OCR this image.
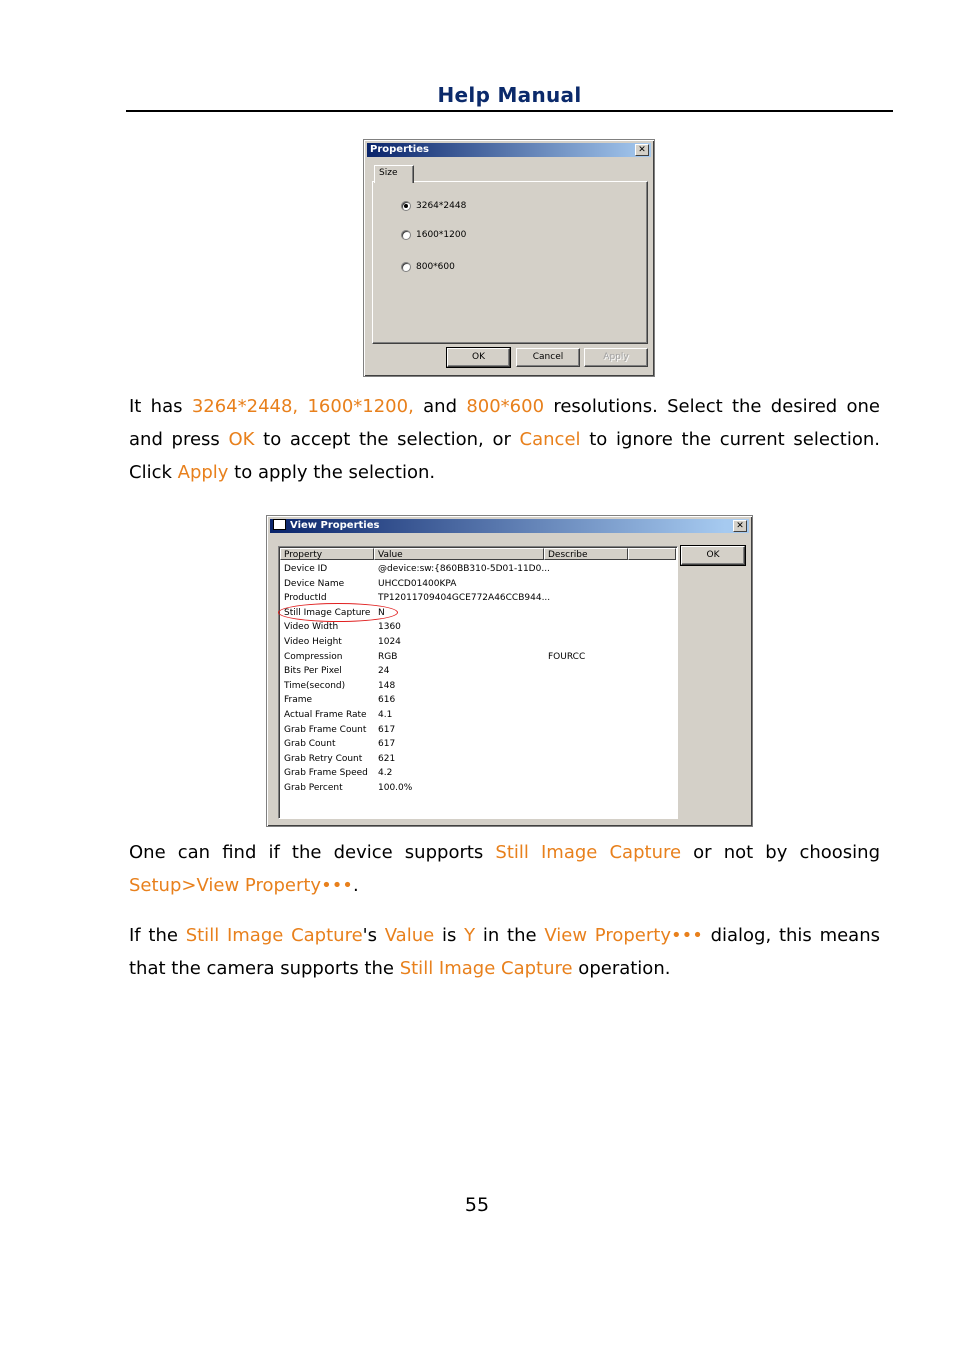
Help Manual
Properties	✕
3264*2448
1600*1200
800*600
Size
OK	Cancel	Apply

It has 3264*2448, 1600*1200, and 800*600 resolutions. Select the desired one and press OK to accept the selection, or Cancel to ignore the current selection. Click Apply to apply the selection.

View Properties	✕
Property	Value	Describe
Device ID	@device:sw:{860BB310-5D01-11D0...
Device Name	UHCCD01400KPA
ProductId	TP12011709404GCE772A46CCB944...
Still Image Capture N
Video Width	1360
Video Height	1024
Compression	RGB	FOURCC
Bits Per Pixel	24
Time(second)	148
Frame	616
Actual Frame Rate 4.1
Grab Frame Count 617
Grab Count	617
Grab Retry Count 621
Grab Frame Speed 4.2
Grab Percent	100.0%
OK

One can find if the device supports Still Image Capture or not by choosing Setup>View Property•••.

If the Still Image Capture's Value is Y in the View Property••• dialog, this means that the camera supports the Still Image Capture operation.

55
